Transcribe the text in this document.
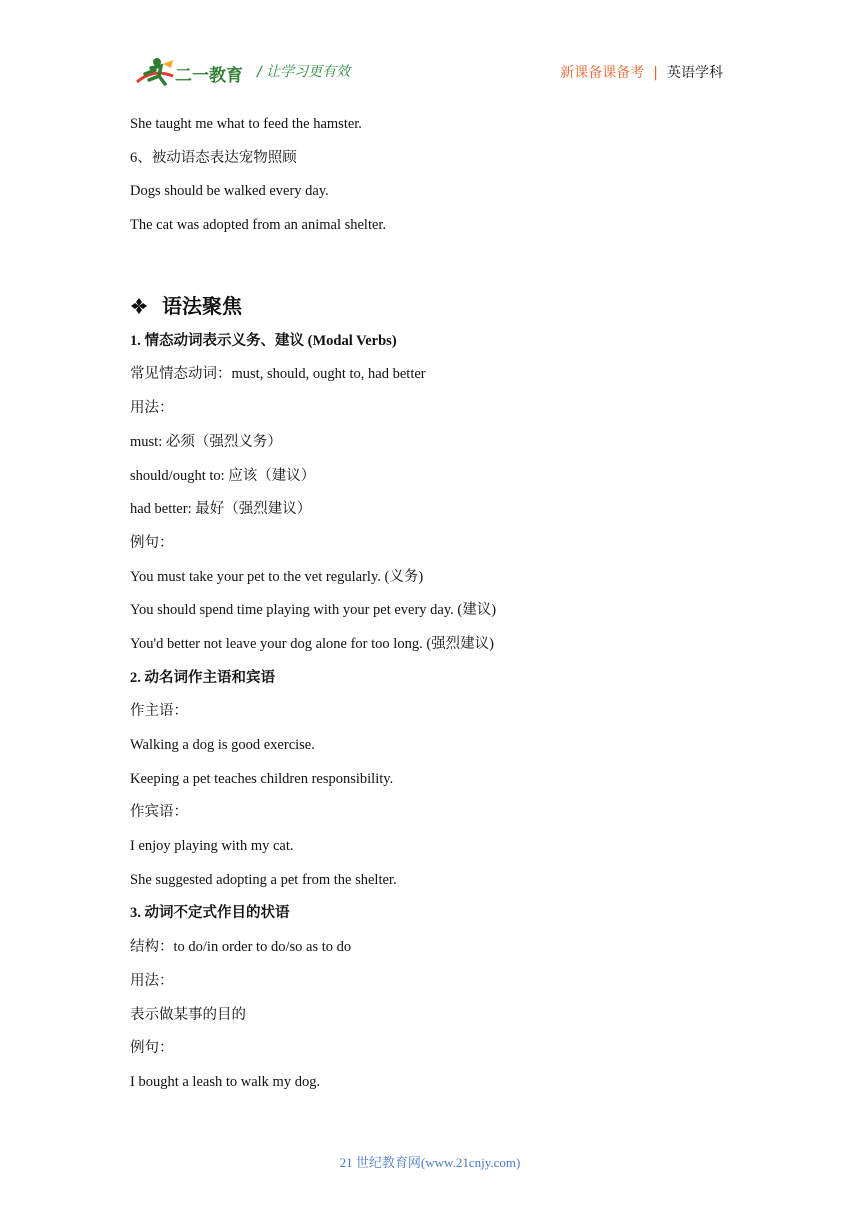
二一教育 / 让学习更有效	新课备课备考 | 英语学科
She taught me what to feed the hamster.
6、被动语态表达宠物照顾
Dogs should be walked every day.
The cat was adopted from an animal shelter.
语法聚焦
1. 情态动词表示义务、建议 (Modal Verbs)
常见情态动词：must, should, ought to, had better
用法：
must: 必须（强烈义务）
should/ought to: 应该（建议）
had better: 最好（强烈建议）
例句：
You must take your pet to the vet regularly. (义务)
You should spend time playing with your pet every day. (建议)
You'd better not leave your dog alone for too long. (强烈建议)
2. 动名词作主语和宾语
作主语：
Walking a dog is good exercise.
Keeping a pet teaches children responsibility.
作宾语：
I enjoy playing with my cat.
She suggested adopting a pet from the shelter.
3. 动词不定式作目的状语
结构：to do/in order to do/so as to do
用法：
表示做某事的目的
例句：
I bought a leash to walk my dog.
21 世纪教育网(www.21cnjy.com)
